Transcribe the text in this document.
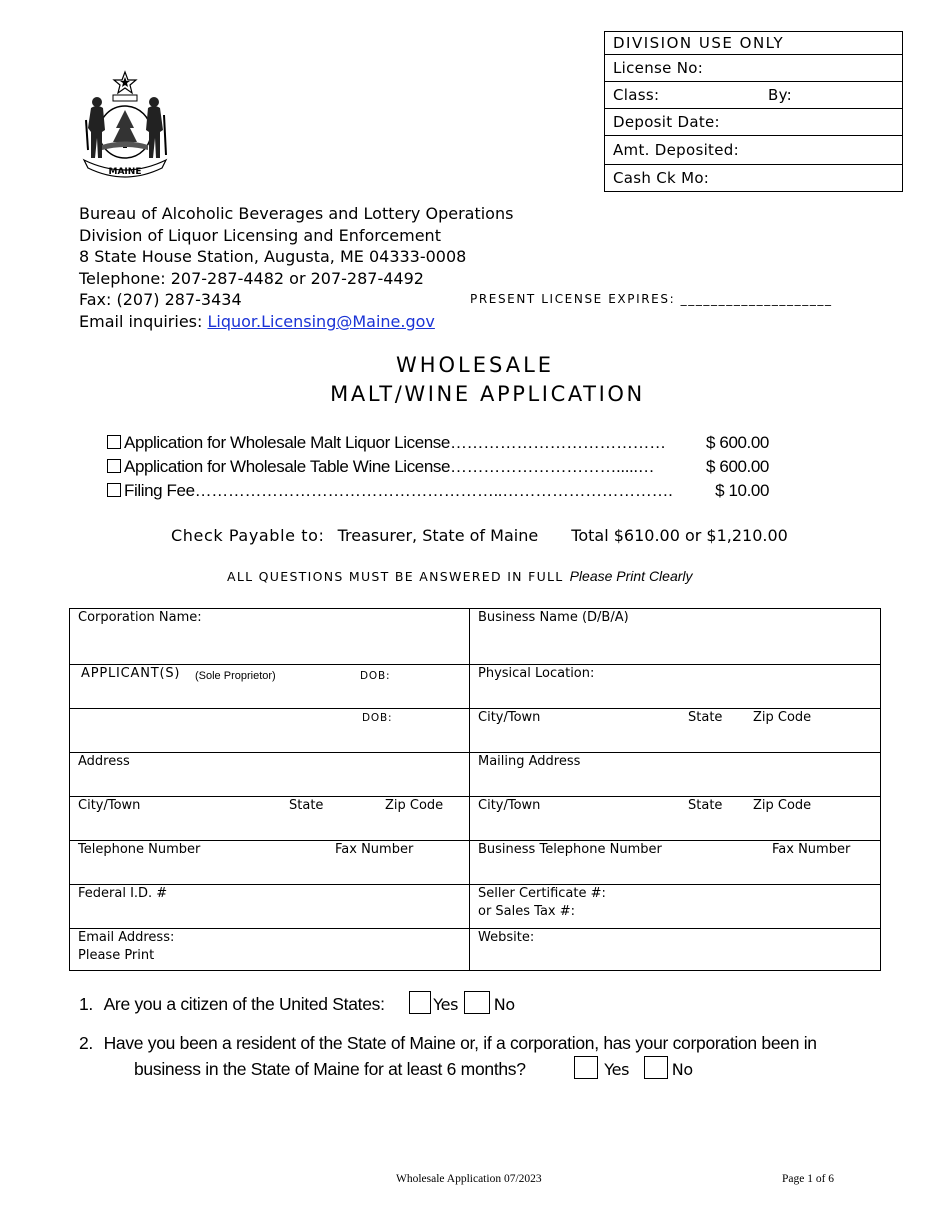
DIVISION USE ONLY
License No:
Class:	By:
Deposit Date:
Amt. Deposited:
Cash Ck Mo:
MAINE
Bureau of Alcoholic Beverages and Lottery Operations
Division of Liquor Licensing and Enforcement
8 State House Station, Augusta, ME 04333-0008
Telephone: 207-287-4482 or 207-287-4492
Fax: (207) 287-3434
Email inquiries: Liquor.Licensing@Maine.gov
PRESENT LICENSE EXPIRES: ____________________
WHOLESALE
MALT/WINE APPLICATION
Application for Wholesale Malt Liquor License………………………………… $ 600.00
Application for Wholesale Table Wine License………………………….....…	$ 600.00
Filing Fee………………………………………………..………………………….	$ 10.00
Check Payable to: Treasurer, State of Maine Total $610.00 or $1,210.00
ALL QUESTIONS MUST BE ANSWERED IN FULL Please Print Clearly
Corporation Name:	Business Name (D/B/A)
APPLICANT(S) (Sole Proprietor)	DOB:	Physical Location:
DOB:	City/Town	State Zip Code
Address	Mailing Address
City/Town	State	Zip Code	City/Town	State Zip Code
Telephone Number	Fax Number	Business Telephone Number	Fax Number
Federal I.D. #	Seller Certificate #:
or Sales Tax #:
Email Address:
Please Print
Website:
1. Are you a citizen of the United States:	Yes No
2. Have you been a resident of the State of Maine or, if a corporation, has your corporation been in
business in the State of Maine for at least 6 months?	Yes	No
Wholesale Application 07/2023	Page 1 of 6
